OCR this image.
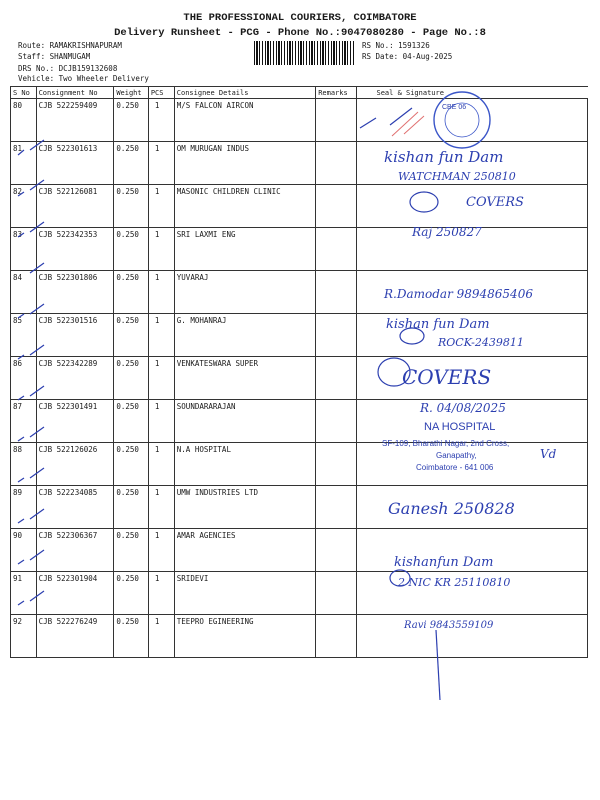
THE PROFESSIONAL COURIERS, COIMBATORE
Delivery Runsheet - PCG - Phone No.:9047080280 - Page No.:8
Route: RAMAKRISHNAPURAM
Staff: SHANMUGAM
DRS No.: DCJB159132608
Vehicle: Two Wheeler Delivery
RS No.: 1591326
RS Date: 04-Aug-2025
S No	Consignment No	Weight	PCS	Consignee Details	Remarks	Seal & Signature
80	CJB 522259409	0.250	1	M/S FALCON AIRCON		
81	CJB 522301613	0.250	1	OM MURUGAN INDUS		
82	CJB 522126081	0.250	1	MASONIC CHILDREN CLINIC		
83	CJB 522342353	0.250	1	SRI LAXMI ENG		
84	CJB 522301806	0.250	1	YUVARAJ		
85	CJB 522301516	0.250	1	G. MOHANRAJ		
86	CJB 522342289	0.250	1	VENKATESWARA SUPER		
87	CJB 522301491	0.250	1	SOUNDARARAJAN		
88	CJB 522126026	0.250	1	N.A HOSPITAL		
89	CJB 522234085	0.250	1	UMW INDUSTRIES LTD		
90	CJB 522306367	0.250	1	AMAR AGENCIES		
91	CJB 522301904	0.250	1	SRIDEVI		
92	CJB 522276249	0.250	1	TEEPRO EGINEERING		
CBE 06
kishan fun Dam
WATCHMAN 250810
COVERS
Raj 250827
R.Damodar 9894865406
kishan fun Dam
ROCK-2439811
COVERS
R. 04/08/2025
Vd
Ganesh 250828
kishanfun Dam
2 NIC KR 25110810
Ravi 9843559109
NA HOSPITAL
SF-109, Bharathi Nagar, 2nd Cross,
Ganapathy,
Coimbatore - 641 006
